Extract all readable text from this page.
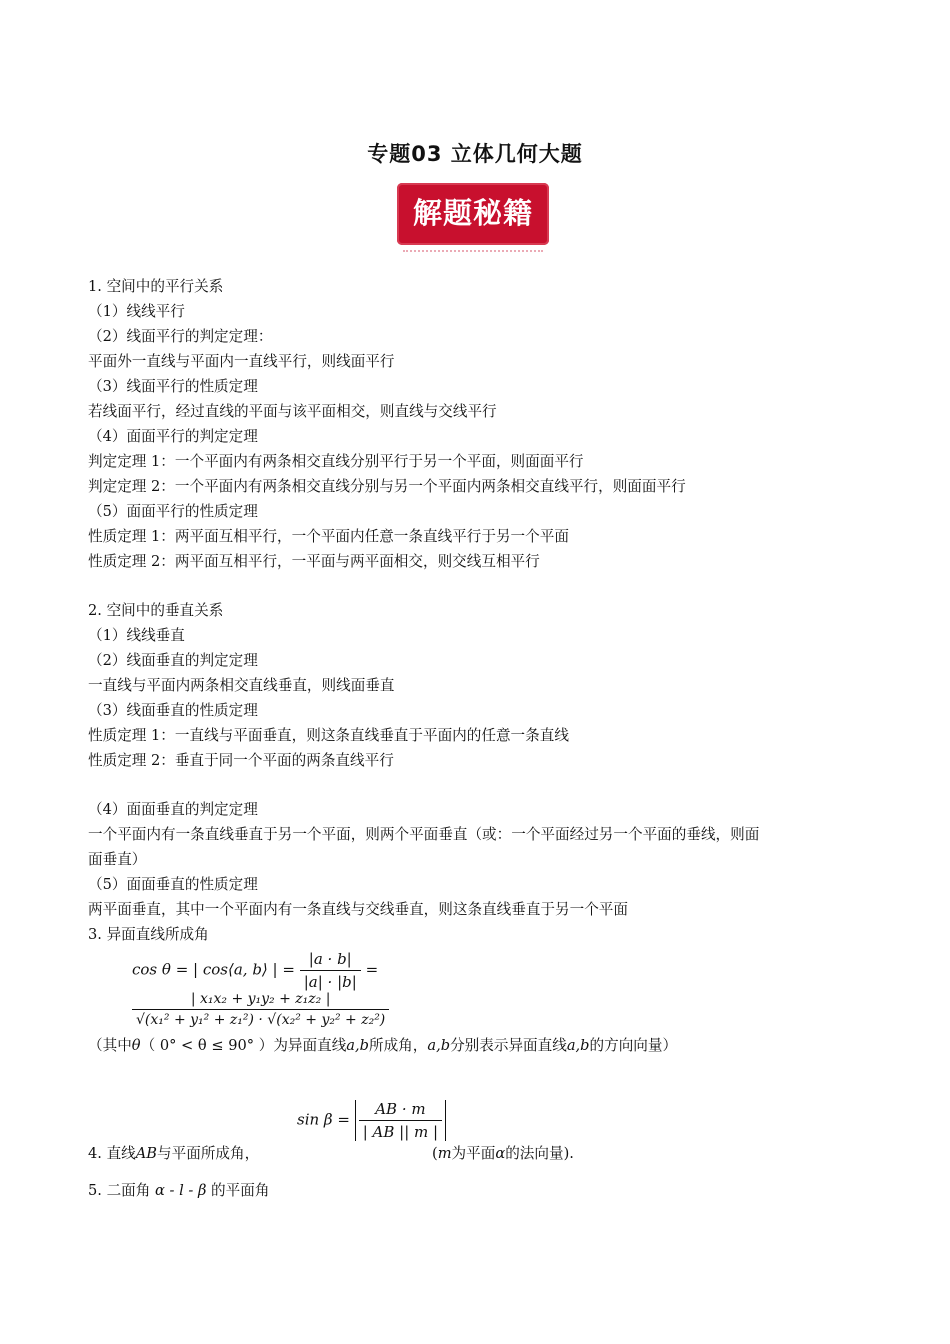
专题03 立体几何大题
解题秘籍
1. 空间中的平行关系
（1）线线平行
（2）线面平行的判定定理：
平面外一直线与平面内一直线平行，则线面平行
（3）线面平行的性质定理
若线面平行，经过直线的平面与该平面相交，则直线与交线平行
（4）面面平行的判定定理
判定定理 1：一个平面内有两条相交直线分别平行于另一个平面，则面面平行
判定定理 2：一个平面内有两条相交直线分别与另一个平面内两条相交直线平行，则面面平行
（5）面面平行的性质定理
性质定理 1：两平面互相平行，一个平面内任意一条直线平行于另一个平面
性质定理 2：两平面互相平行，一平面与两平面相交，则交线互相平行
2. 空间中的垂直关系
（1）线线垂直
（2）线面垂直的判定定理
一直线与平面内两条相交直线垂直，则线面垂直
（3）线面垂直的性质定理
性质定理 1：一直线与平面垂直，则这条直线垂直于平面内的任意一条直线
性质定理 2：垂直于同一个平面的两条直线平行
（4）面面垂直的判定定理
一个平面内有一条直线垂直于另一个平面，则两个平面垂直（或：一个平面经过另一个平面的垂线，则面
面垂直）
（5）面面垂直的性质定理
两平面垂直，其中一个平面内有一条直线与交线垂直，则这条直线垂直于另一个平面
3. 异面直线所成角
cos θ = | cos⟨a, b⟩ | = $\frac{|a \cdot b|}{|a| \cdot |b|}$ =
$\frac{\text{| x₁x₂ + y₁y₂ + z₁z₂ |}}{\text{√(x₁² + y₁² + z₁²) · √(x₂² + y₂² + z₂²)}}$
（其中θ（ 0° < θ ≤ 90° ）为异面直线a,b所成角，a,b分别表示异面直线a,b的方向向量）
$\sin \beta = \frac{AB \cdot m}{| AB || m |}$
4. 直线AB与平面所成角，	(m为平面α的法向量).
5. 二面角 α - l - β 的平面角
